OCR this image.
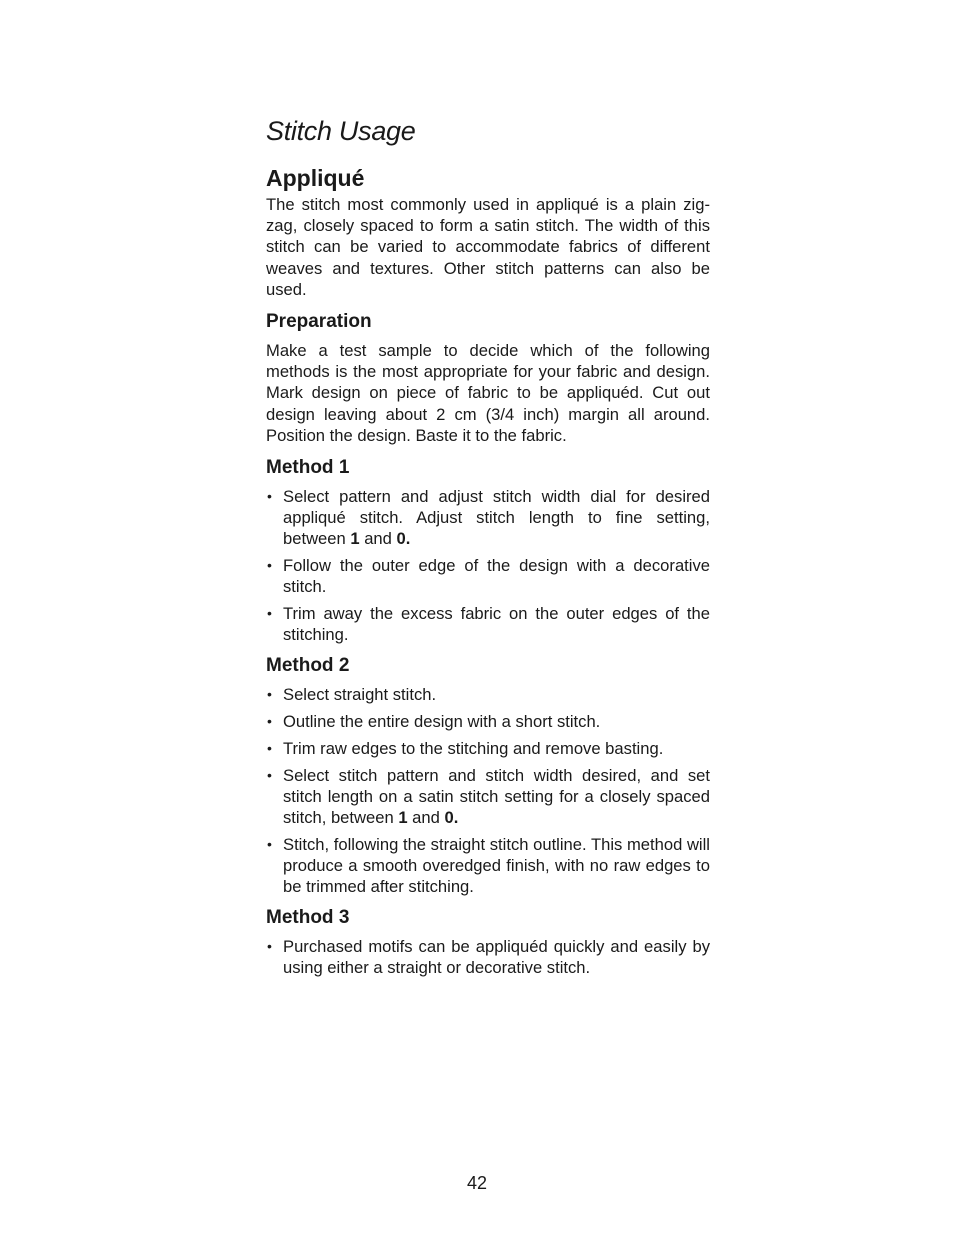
Stitch Usage
Appliqué

The stitch most commonly used in appliqué is a plain zig-zag, closely spaced to form a satin stitch. The width of this stitch can be varied to accommodate fabrics of different weaves and textures. Other stitch patterns can also be used.

Preparation

Make a test sample to decide which of the following methods is the most appropriate for your fabric and design. Mark design on piece of fabric to be appliquéd. Cut out design leaving about 2 cm (3/4 inch) margin all around. Position the design. Baste it to the fabric.

Method 1
• Select pattern and adjust stitch width dial for desired appliqué stitch. Adjust stitch length to fine setting, between 1 and 0.
• Follow the outer edge of the design with a decorative stitch.
• Trim away the excess fabric on the outer edges of the stitching.
Method 2
• Select straight stitch.
• Outline the entire design with a short stitch.
• Trim raw edges to the stitching and remove basting.
• Select stitch pattern and stitch width desired, and set stitch length on a satin stitch setting for a closely spaced stitch, between 1 and 0.
• Stitch, following the straight stitch outline. This method will produce a smooth overedged finish, with no raw edges to be trimmed after stitching.
Method 3
• Purchased motifs can be appliquéd quickly and easily by using either a straight or decorative stitch.
42
